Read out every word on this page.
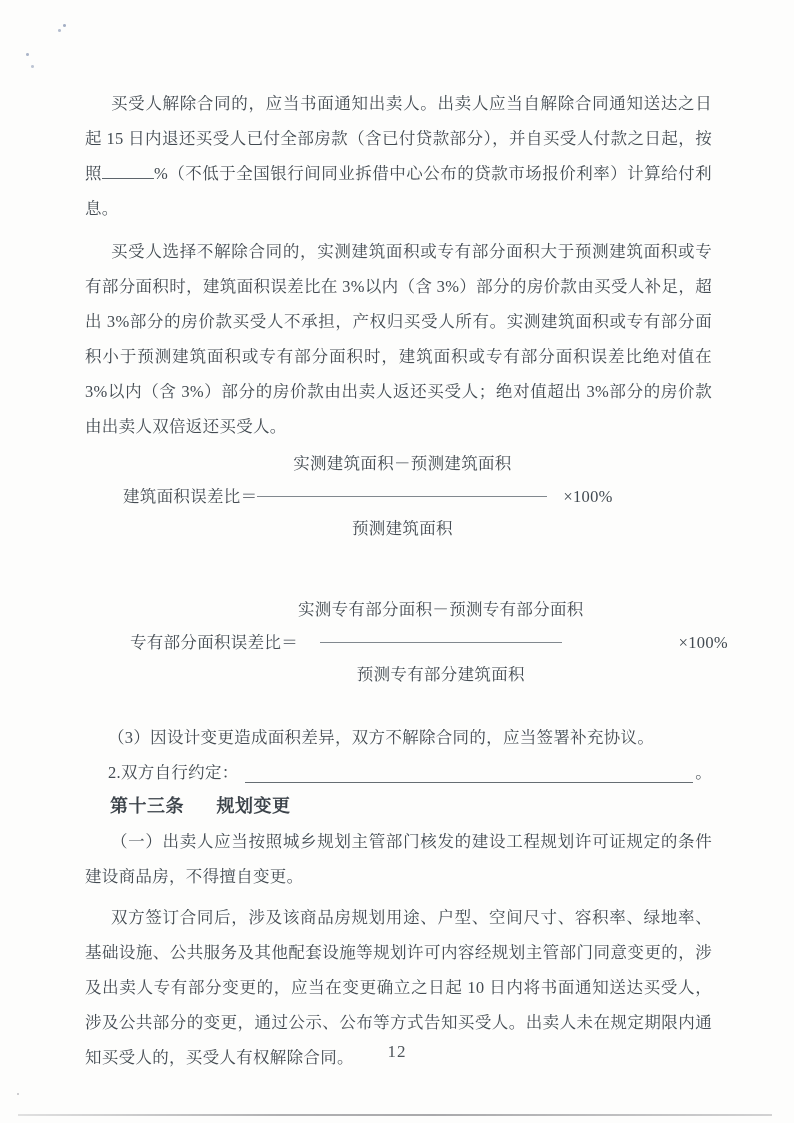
买受人解除合同的，应当书面通知出卖人。出卖人应当自解除合同通知送达之日起 15 日内退还买受人已付全部房款（含已付贷款部分），并自买受人付款之日起，按照	%（不低于全国银行间同业拆借中心公布的贷款市场报价利率）计算给付利息。

买受人选择不解除合同的，实测建筑面积或专有部分面积大于预测建筑面积或专有部分面积时，建筑面积误差比在 3%以内（含 3%）部分的房价款由买受人补足，超出 3%部分的房价款买受人不承担，产权归买受人所有。实测建筑面积或专有部分面积小于预测建筑面积或专有部分面积时，建筑面积或专有部分面积误差比绝对值在 3%以内（含 3%）部分的房价款由出卖人返还买受人；绝对值超出 3%部分的房价款由出卖人双倍返还买受人。

建筑面积误差比＝ $\frac{\text{实测建筑面积－预测建筑面积}}{\text{预测建筑面积}} \times 100\%$
专有部分面积误差比＝ $\frac{\text{实测专有部分面积－预测专有部分面积}}{\text{预测专有部分建筑面积}}$	×100%

（3）因设计变更造成面积差异，双方不解除合同的，应当签署补充协议。

2.双方自行约定：	。
第十三条 规划变更

（一）出卖人应当按照城乡规划主管部门核发的建设工程规划许可证规定的条件建设商品房，不得擅自变更。

双方签订合同后，涉及该商品房规划用途、户型、空间尺寸、容积率、绿地率、基础设施、公共服务及其他配套设施等规划许可内容经规划主管部门同意变更的，涉及出卖人专有部分变更的，应当在变更确立之日起 10 日内将书面通知送达买受人，涉及公共部分的变更，通过公示、公布等方式告知买受人。出卖人未在规定期限内通知买受人的，买受人有权解除合同。	12
